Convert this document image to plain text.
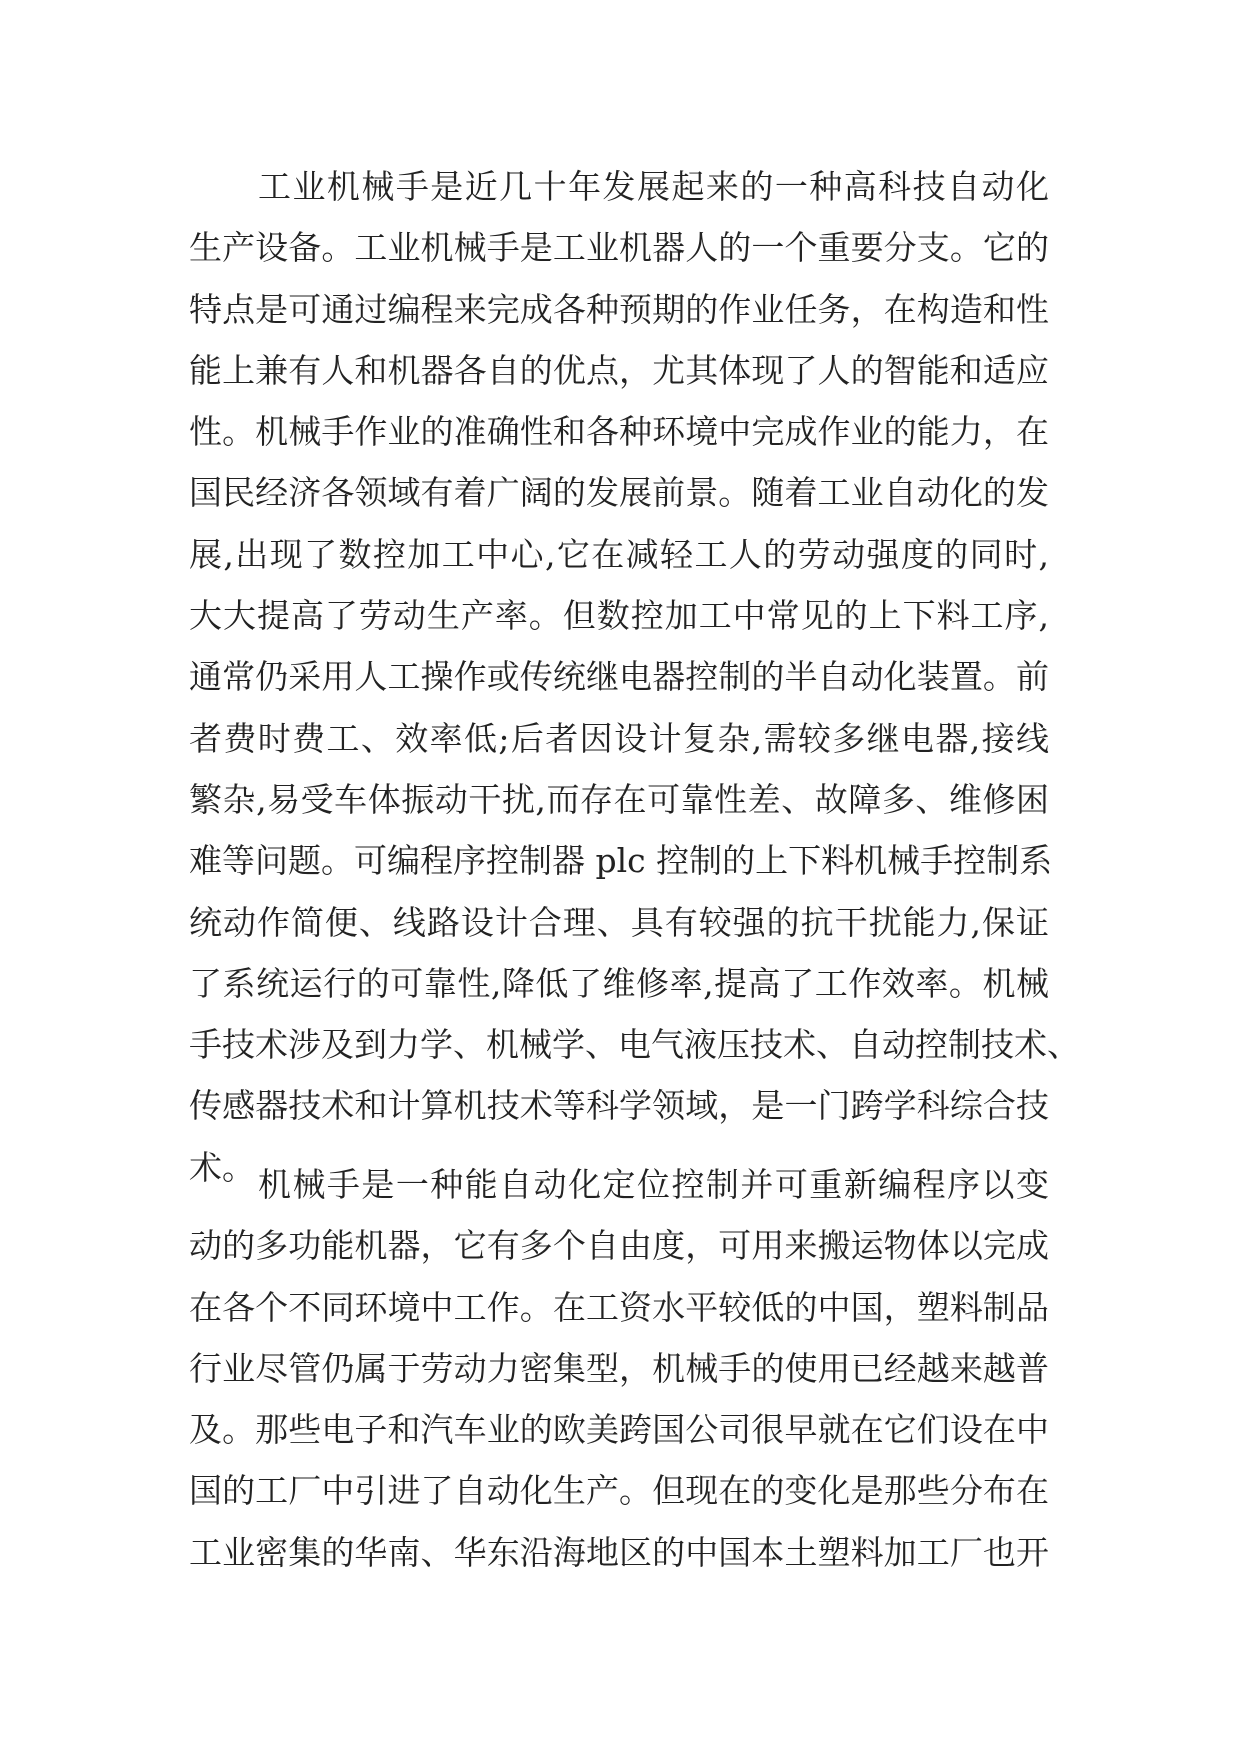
工业机械手是近几十年发展起来的一种高科技自动化
生产设备。工业机械手是工业机器人的一个重要分支。它的
特点是可通过编程来完成各种预期的作业任务，在构造和性
能上兼有人和机器各自的优点，尤其体现了人的智能和适应
性。机械手作业的准确性和各种环境中完成作业的能力，在
国民经济各领域有着广阔的发展前景。随着工业自动化的发
展,出现了数控加工中心,它在减轻工人的劳动强度的同时,
大大提高了劳动生产率。但数控加工中常见的上下料工序,
通常仍采用人工操作或传统继电器控制的半自动化装置。前
者费时费工、效率低;后者因设计复杂,需较多继电器,接线
繁杂,易受车体振动干扰,而存在可靠性差、故障多、维修困
难等问题。可编程序控制器 plc 控制的上下料机械手控制系
统动作简便、线路设计合理、具有较强的抗干扰能力,保证
了系统运行的可靠性,降低了维修率,提高了工作效率。机械
手技术涉及到力学、机械学、电气液压技术、自动控制技术、
传感器技术和计算机技术等科学领域，是一门跨学科综合技
术。 机械手是一种能自动化定位控制并可重新编程序以变
动的多功能机器，它有多个自由度，可用来搬运物体以完成
在各个不同环境中工作。在工资水平较低的中国，塑料制品
行业尽管仍属于劳动力密集型，机械手的使用已经越来越普
及。那些电子和汽车业的欧美跨国公司很早就在它们设在中
国的工厂中引进了自动化生产。但现在的变化是那些分布在
工业密集的华南、华东沿海地区的中国本土塑料加工厂也开
